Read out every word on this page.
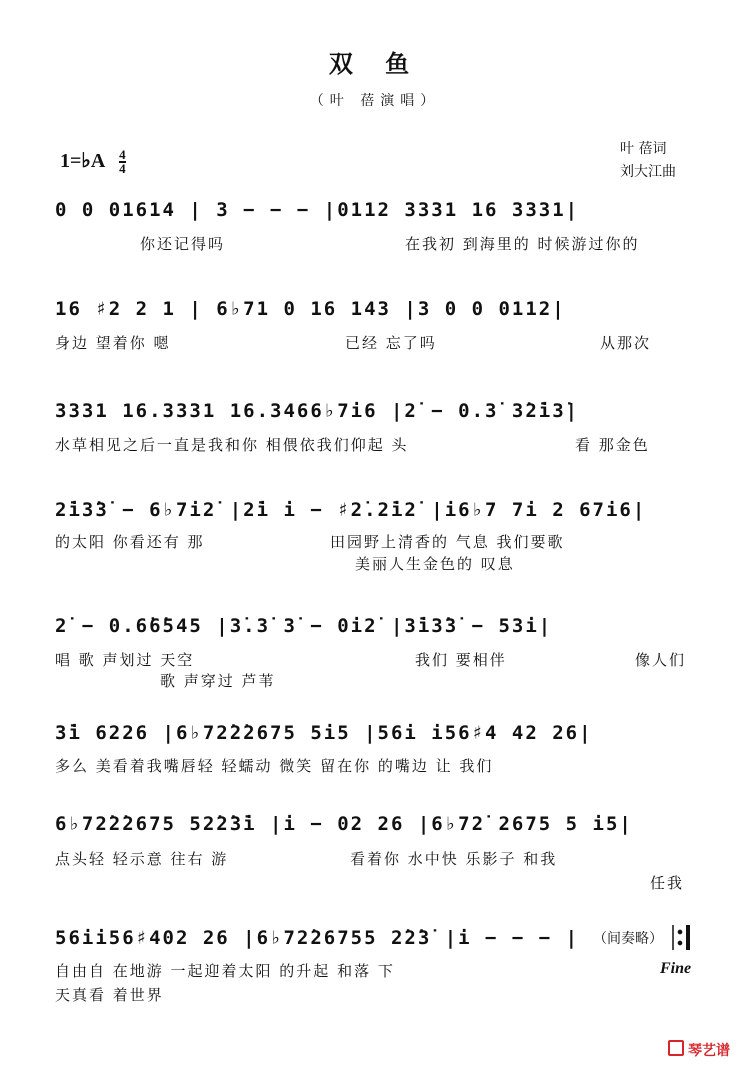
双 鱼
（叶 蓓演唱）
1=♭A $\frac{4}{4}$
叶 蓓词
刘大江曲
0 0 01614 | 3 − − − |0112 3331 16 3331|
你还记得吗	在我初 到海里的 时候游过你的
16 ♯2 2 1 | 6♭71 0 16 143 |3 0 0 0112|
身边 望着你 嗯	已经 忘了吗	从那次
3331 16.3331 16.3466♭7i6 |2̇ − 0.3̇ 3̇2̇i3̇|
水草相见之后一直是我和你 相偎依我们仰起 头	看 那金色
2̇i3̇3̇ − 6♭7i2̇ |2̇i i − ♯2̇.2̇i2̇ |i6♭7 7i 2 67i6|
的太阳 你看还有 那	田园野上清香的 气息 我们要歌
美丽人生金色的 叹息
2̇ − 0.6̇6̇545 |3̇.3̇ 3̇ − 0i2̇ |3̇i3̇3̇ − 53i|
唱 歌 声划过 天空	我们 要相伴	像人们
歌 声穿过 芦苇
3̇i 6226 |6♭72̇2̇2675 5i5 |56i i56♯4 42 26|
多么 美看着我嘴唇轻 轻蠕动 微笑 留在你 的嘴边 让 我们
6♭72̇2̇2675 52̇2̇3̇i |i − 02 26 |6♭72̇ 2675 5 i5|
点头轻 轻示意 往右 游	看着你 水中快 乐影子 和我
任我
56ii56♯402 26 |6♭72̇26755 2̇2̇3̇ |i − − − |
自由自 在地游 一起迎着太阳 的升起 和落 下
天真看 着世界
（间奏略）
Fine
琴艺谱
